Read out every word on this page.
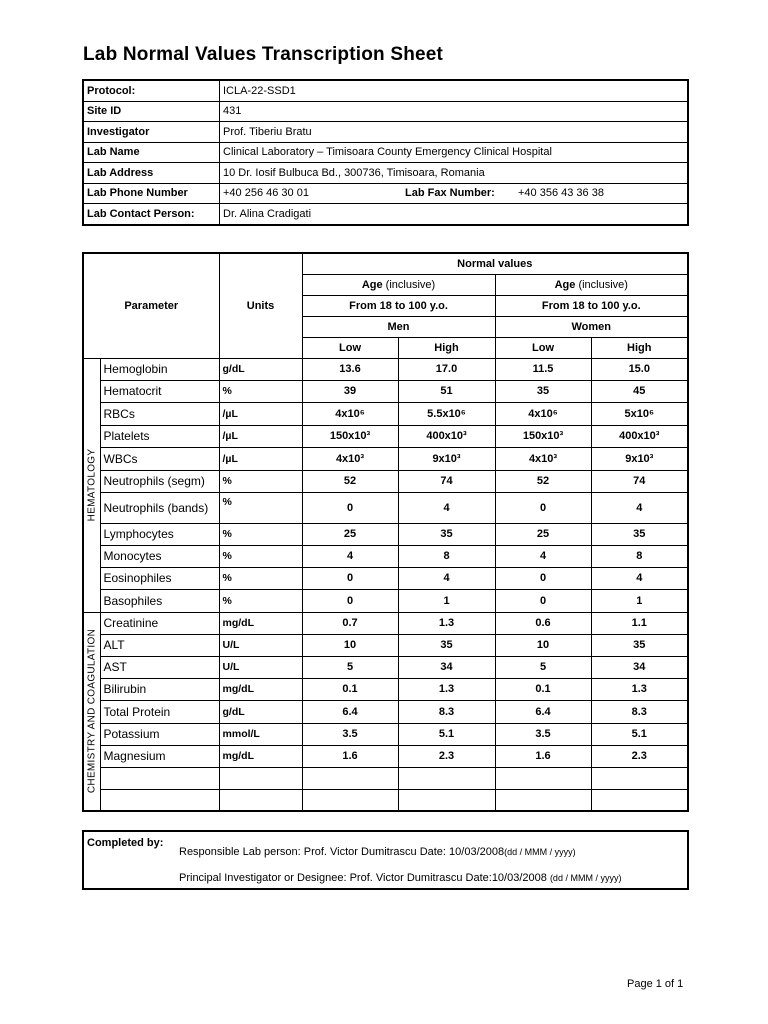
Lab Normal Values Transcription Sheet
Protocol:	ICLA-22-SSD1		
Site ID	431		
Investigator	Prof. Tiberiu Bratu		
Lab Name	Clinical Laboratory – Timisoara County Emergency Clinical Hospital		
Lab Address	10 Dr. Iosif Bulbuca Bd., 300736, Timisoara, Romania		
Lab Phone Number	+40 256 46 30 01	Lab Fax Number:	+40 356 43 36 38
Lab Contact Person:	Dr. Alina Cradigati		
Parameter		Units	Normal values			
			Age (inclusive)		Age (inclusive)	
			From 18 to 100 y.o.		From 18 to 100 y.o.	
			Men		Women	
			Low	High	Low	High

HEMATOLOGY	Hemoglobin	g/dL	13.6	17.0	11.5	15.0
	Hematocrit	%	39	51	35	45
	RBCs	/µL	4x10⁶	5.5x10⁶	4x10⁶	5x10⁶
	Platelets	/µL	150x10³	400x10³	150x10³	400x10³
	WBCs	/µL	4x10³	9x10³	4x10³	9x10³
	Neutrophils (segm)	%	52	74	52	74
	Neutrophils (bands)	%	0	4	0	4
	Lymphocytes	%	25	35	25	35
	Monocytes	%	4	8	4	8
	Eosinophiles	%	0	4	0	4
	Basophiles	%	0	1	0	1

CHEMISTRY AND COAGULATION	Creatinine	mg/dL	0.7	1.3	0.6	1.1
	ALT	U/L	10	35	10	35
	AST	U/L	5	34	5	34
	Bilirubin	mg/dL	0.1	1.3	0.1	1.3
	Total Protein	g/dL	6.4	8.3	6.4	8.3
	Potassium	mmol/L	3.5	5.1	3.5	5.1
	Magnesium	mg/dL	1.6	2.3	1.6	2.3

Completed by:
Responsible Lab person: Prof. Victor Dumitrascu Date: 10/03/2008(dd / MMM / yyyy)
Principal Investigator or Designee: Prof. Victor Dumitrascu Date:10/03/2008 (dd / MMM / yyyy)
Page 1 of 1
